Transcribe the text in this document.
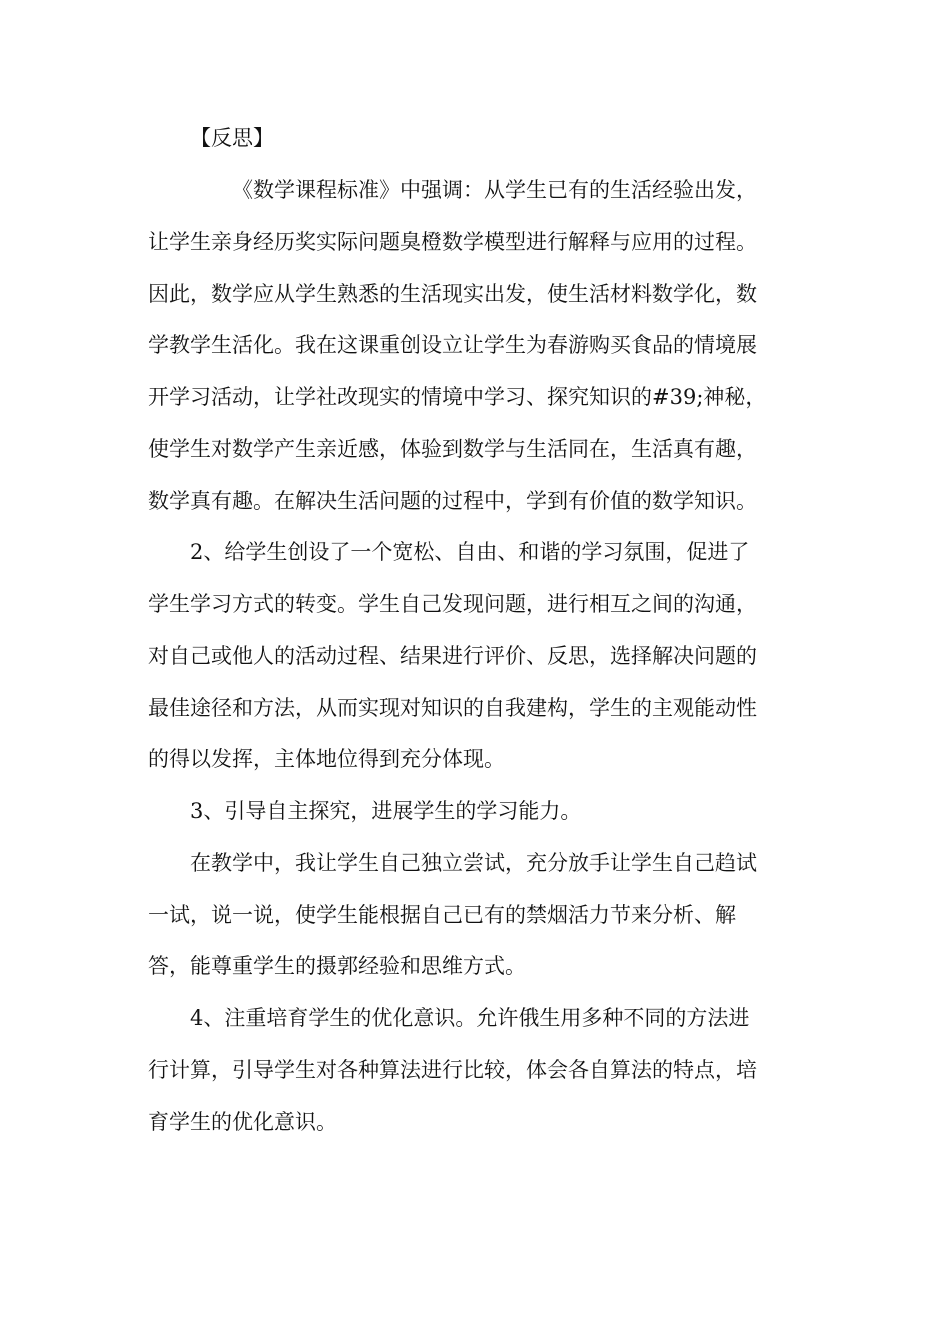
【反思】
《数学课程标准》中强调：从学生已有的生活经验出发，
让学生亲身经历奖实际问题臭橙数学模型进行解释与应用的过程。
因此，数学应从学生熟悉的生活现实出发，使生活材料数学化，数
学教学生活化。我在这课重创设立让学生为春游购买食品的情境展
开学习活动，让学社改现实的情境中学习、探究知识的#39;神秘，
使学生对数学产生亲近感，体验到数学与生活同在，生活真有趣，
数学真有趣。在解决生活问题的过程中，学到有价值的数学知识。
2、给学生创设了一个宽松、自由、和谐的学习氛围，促进了
学生学习方式的转变。学生自己发现问题，进行相互之间的沟通，
对自己或他人的活动过程、结果进行评价、反思，选择解决问题的
最佳途径和方法，从而实现对知识的自我建构，学生的主观能动性
的得以发挥，主体地位得到充分体现。
3、引导自主探究，进展学生的学习能力。
在教学中，我让学生自己独立尝试，充分放手让学生自己趋试
一试，说一说，使学生能根据自己已有的禁烟活力节来分析、解
答，能尊重学生的摄郭经验和思维方式。
4、注重培育学生的优化意识。允许俄生用多种不同的方法进
行计算，引导学生对各种算法进行比较，体会各自算法的特点，培
育学生的优化意识。
